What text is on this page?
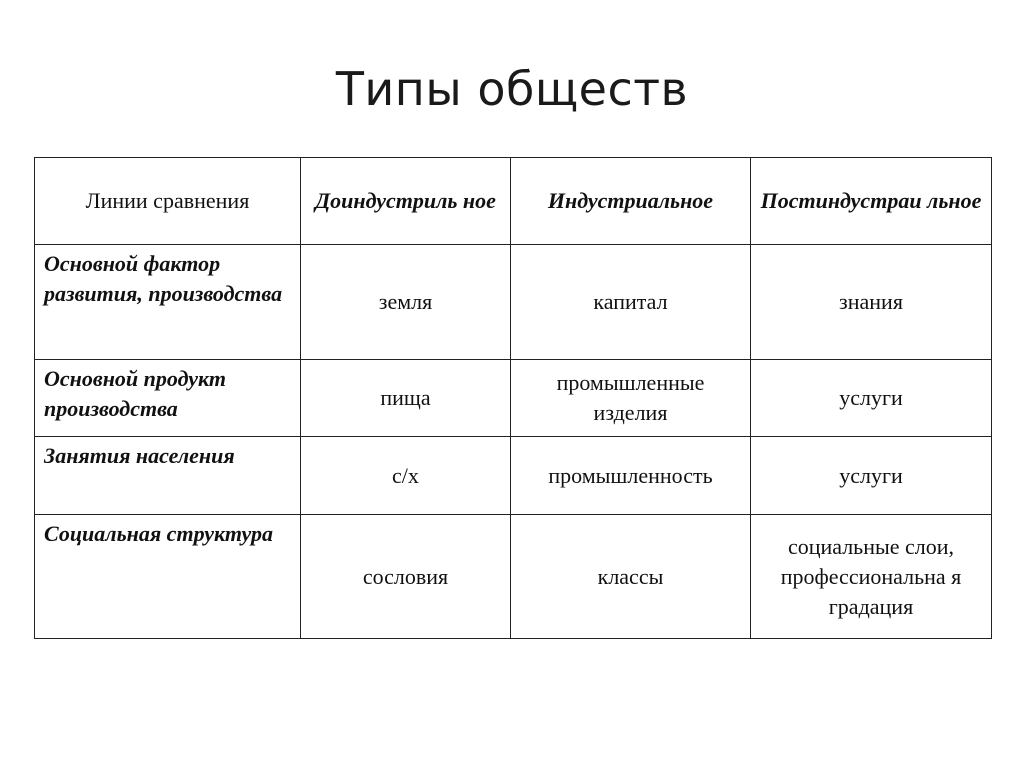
Типы обществ
Линии сравнения	Доиндустриль ное	Индустриальное	Постиндустраи льное
Основной фактор развития, производства	земля	капитал	знания
Основной продукт производства	пища	промышленные изделия	услуги
Занятия населения	с/х	промышленность	услуги
Социальная структура	сословия	классы	социальные слои, профессиональна я градация
